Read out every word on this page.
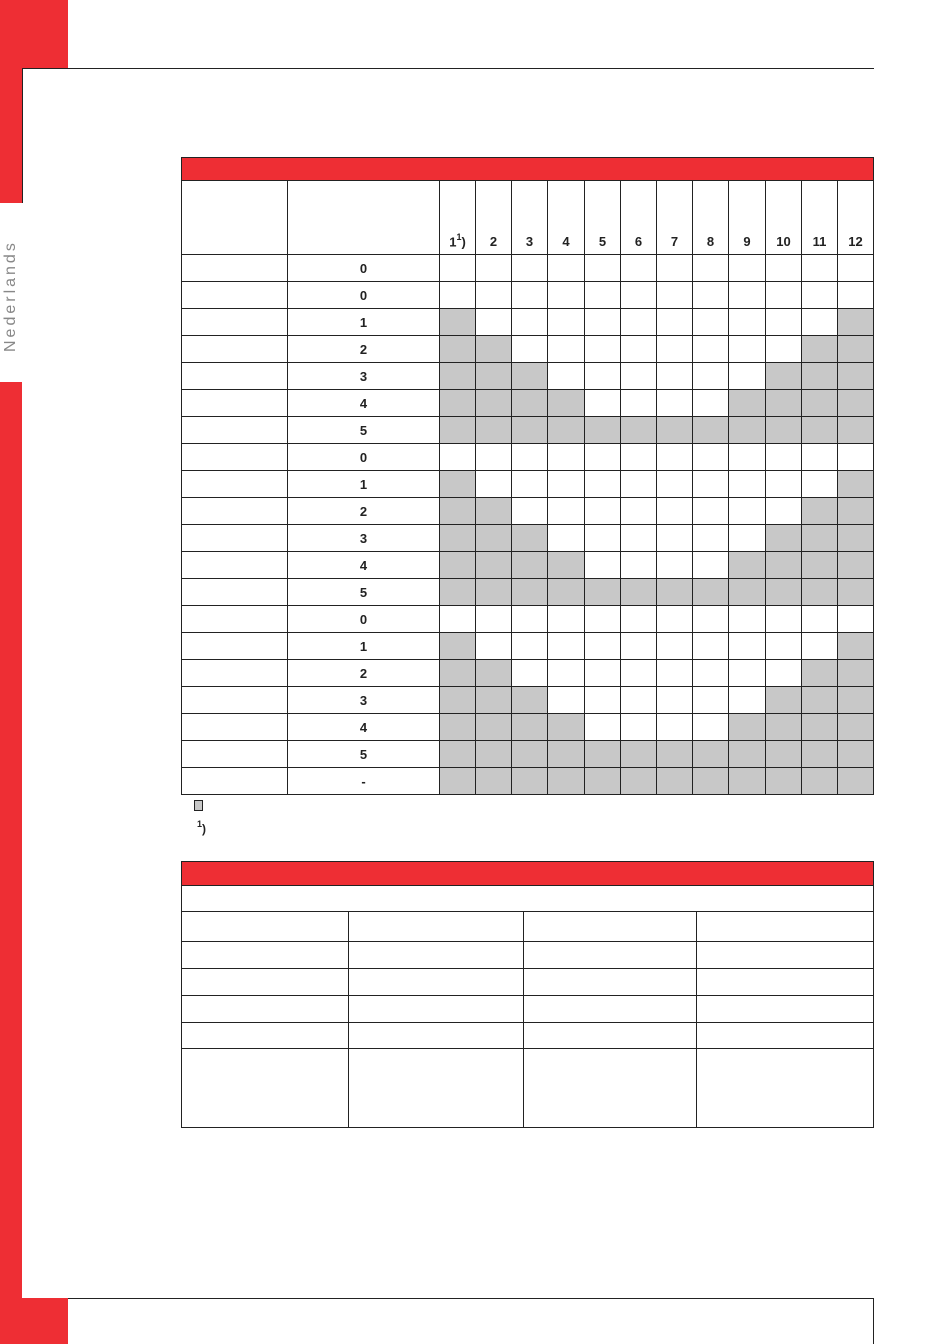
Nederlands

			$1^1$)	2	3	4	5	6	7	8	9	10	11	12
	0												
	0												
	1												
	2												
	3												
	4												
	5												
	0												
	1												
	2												
	3												
	4												
	5												
	0												
	1												
	2												
	3												
	4												
	5												
	-												
$^1$)
